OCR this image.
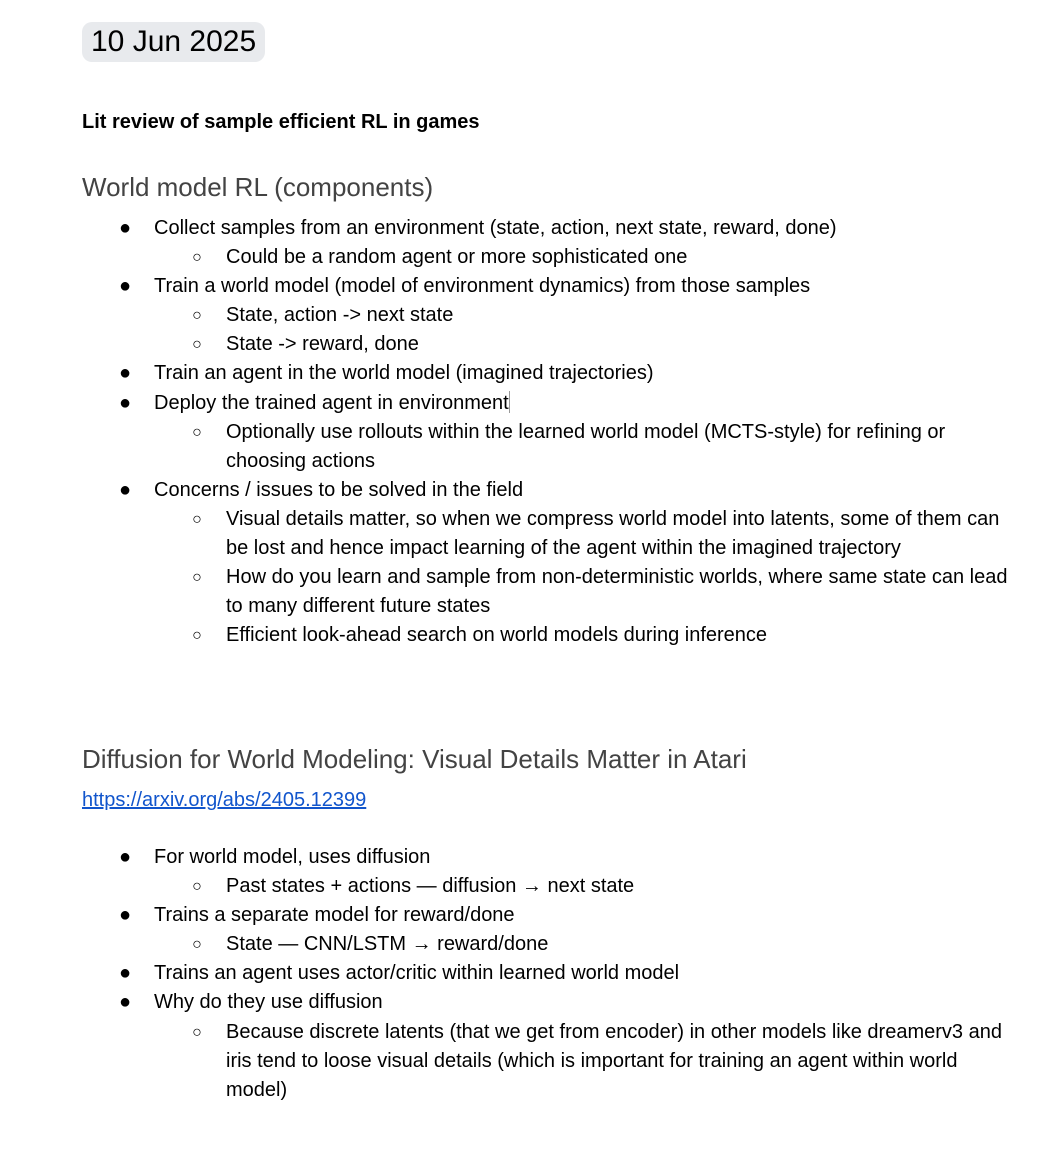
10 Jun 2025
Lit review of sample efficient RL in games
World model RL (components)
● Collect samples from an environment (state, action, next state, reward, done)
○ Could be a random agent or more sophisticated one
● Train a world model (model of environment dynamics) from those samples
○ State, action -> next state
○ State -> reward, done
● Train an agent in the world model (imagined trajectories)
● Deploy the trained agent in environment
○ Optionally use rollouts within the learned world model (MCTS-style) for refining or choosing actions
● Concerns / issues to be solved in the field
○ Visual details matter, so when we compress world model into latents, some of them can be lost and hence impact learning of the agent within the imagined trajectory
○ How do you learn and sample from non-deterministic worlds, where same state can lead to many different future states
○ Efficient look-ahead search on world models during inference
Diffusion for World Modeling: Visual Details Matter in Atari
https://arxiv.org/abs/2405.12399
● For world model, uses diffusion
○ Past states + actions — diffusion → next state
● Trains a separate model for reward/done
○ State — CNN/LSTM → reward/done
● Trains an agent uses actor/critic within learned world model
● Why do they use diffusion
○ Because discrete latents (that we get from encoder) in other models like dreamerv3 and iris tend to loose visual details (which is important for training an agent within world model)
